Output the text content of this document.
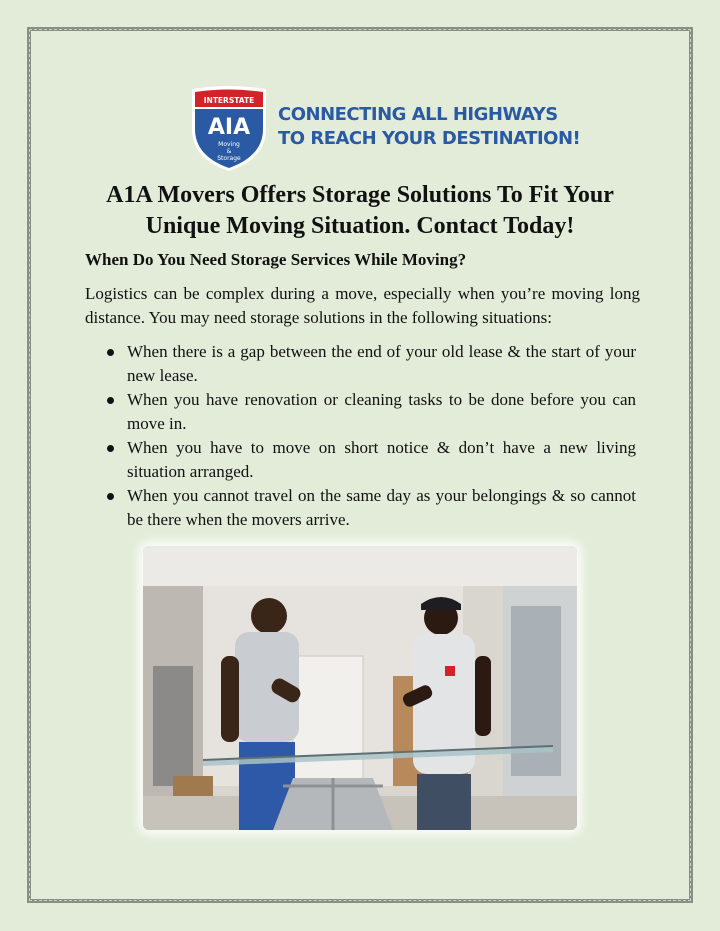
INTERSTATE
AIA
Moving
&
Storage
CONNECTING ALL HIGHWAYS
TO REACH YOUR DESTINATION!
A1A Movers Offers Storage Solutions To Fit Your Unique Moving Situation. Contact Today!
When Do You Need Storage Services While Moving?
Logistics can be complex during a move, especially when you’re moving long distance. You may need storage solutions in the following situations:
When there is a gap between the end of your old lease & the start of your new lease.
When you have renovation or cleaning tasks to be done before you can move in.
When you have to move on short notice & don’t have a new living situation arranged.
When you cannot travel on the same day as your belongings & so cannot be there when the movers arrive.
